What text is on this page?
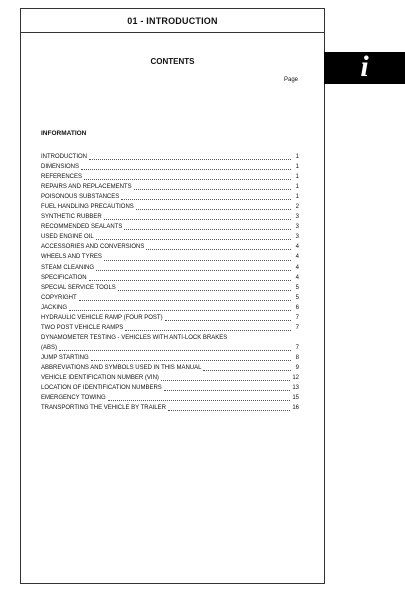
01 - INTRODUCTION
CONTENTS
Page
INFORMATION
INTRODUCTION	1
DIMENSIONS	1
REFERENCES	1
REPAIRS AND REPLACEMENTS	1
POISONOUS SUBSTANCES	1
FUEL HANDLING PRECAUTIONS	2
SYNTHETIC RUBBER	3
RECOMMENDED SEALANTS	3
USED ENGINE OIL	3
ACCESSORIES AND CONVERSIONS	4
WHEELS AND TYRES	4
STEAM CLEANING	4
SPECIFICATION	4
SPECIAL SERVICE TOOLS	5
COPYRIGHT	5
JACKING	6
HYDRAULIC VEHICLE RAMP (FOUR POST)	7
TWO POST VEHICLE RAMPS	7
DYNAMOMETER TESTING - VEHICLES WITH ANTI-LOCK BRAKES
(ABS)	7
JUMP STARTING	8
ABBREVIATIONS AND SYMBOLS USED IN THIS MANUAL	9
VEHICLE IDENTIFICATION NUMBER (VIN)	12
LOCATION OF IDENTIFICATION NUMBERS	13
EMERGENCY TOWING	15
TRANSPORTING THE VEHICLE BY TRAILER	16
i
